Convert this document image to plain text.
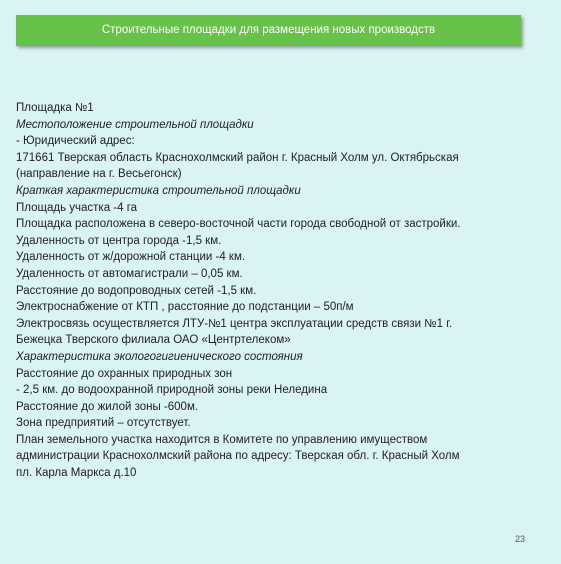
Строительные площадки для размещения новых производств
Площадка №1
Местоположение строительной площадки
- Юридический адрес:
171661 Тверская область Краснохолмский район г. Красный Холм ул. Октябрьская
(направление на г. Весьегонск)
Краткая характеристика строительной площадки
Площадь участка -4 га
Площадка расположена в северо-восточной части города свободной от застройки.
Удаленность от центра города -1,5 км.
Удаленность от ж/дорожной станции -4 км.
Удаленность от автомагистрали – 0,05 км.
Расстояние до водопроводных сетей -1,5 км.
Электроснабжение от КТП , расстояние до подстанции – 50п/м
Электросвязь осуществляется ЛТУ-№1 центра эксплуатации средств связи №1 г.
Бежецка Тверского филиала ОАО «Центртелеком»
Характеристика экологогигиенического состояния
Расстояние до охранных природных зон
- 2,5 км. до водоохранной природной зоны реки Неледина
Расстояние до жилой зоны -600м.
Зона предприятий – отсутствует.
План земельного участка находится в Комитете по управлению имуществом
администрации Краснохолмский района по адресу: Тверская обл. г. Красный Холм
пл. Карла Маркса д.10
23
